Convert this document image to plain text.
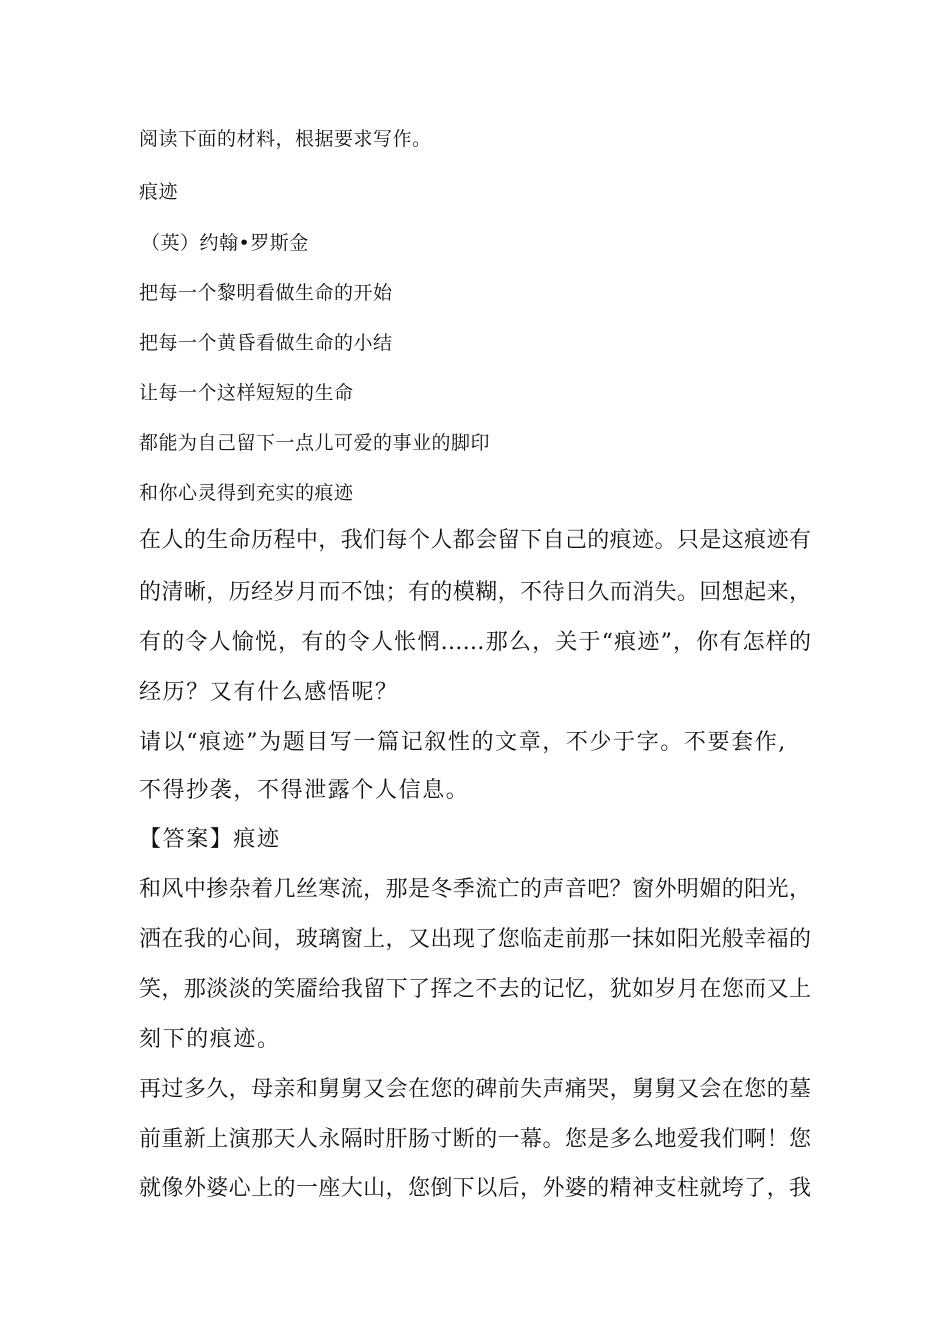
阅读下面的材料，根据要求写作。

痕迹

（英）约翰•罗斯金

把每一个黎明看做生命的开始

把每一个黄昏看做生命的小结

让每一个这样短短的生命

都能为自己留下一点儿可爱的事业的脚印

和你心灵得到充实的痕迹

在人的生命历程中，我们每个人都会留下自己的痕迹。只是这痕迹有

的清晰，历经岁月而不蚀；有的模糊，不待日久而消失。回想起来，

有的令人愉悦，有的令人怅惘……那么，关于“痕迹”，你有怎样的

经历？又有什么感悟呢？

请以“痕迹”为题目写一篇记叙性的文章，不少于字。不要套作,

不得抄袭，不得泄露个人信息。

【答案】痕迹

和风中掺杂着几丝寒流，那是冬季流亡的声音吧？窗外明媚的阳光，

洒在我的心间，玻璃窗上，又出现了您临走前那一抹如阳光般幸福的

笑，那淡淡的笑靥给我留下了挥之不去的记忆，犹如岁月在您而又上

刻下的痕迹。

再过多久，母亲和舅舅又会在您的碑前失声痛哭，舅舅又会在您的墓

前重新上演那天人永隔时肝肠寸断的一幕。您是多么地爱我们啊！您

就像外婆心上的一座大山，您倒下以后，外婆的精神支柱就垮了，我
